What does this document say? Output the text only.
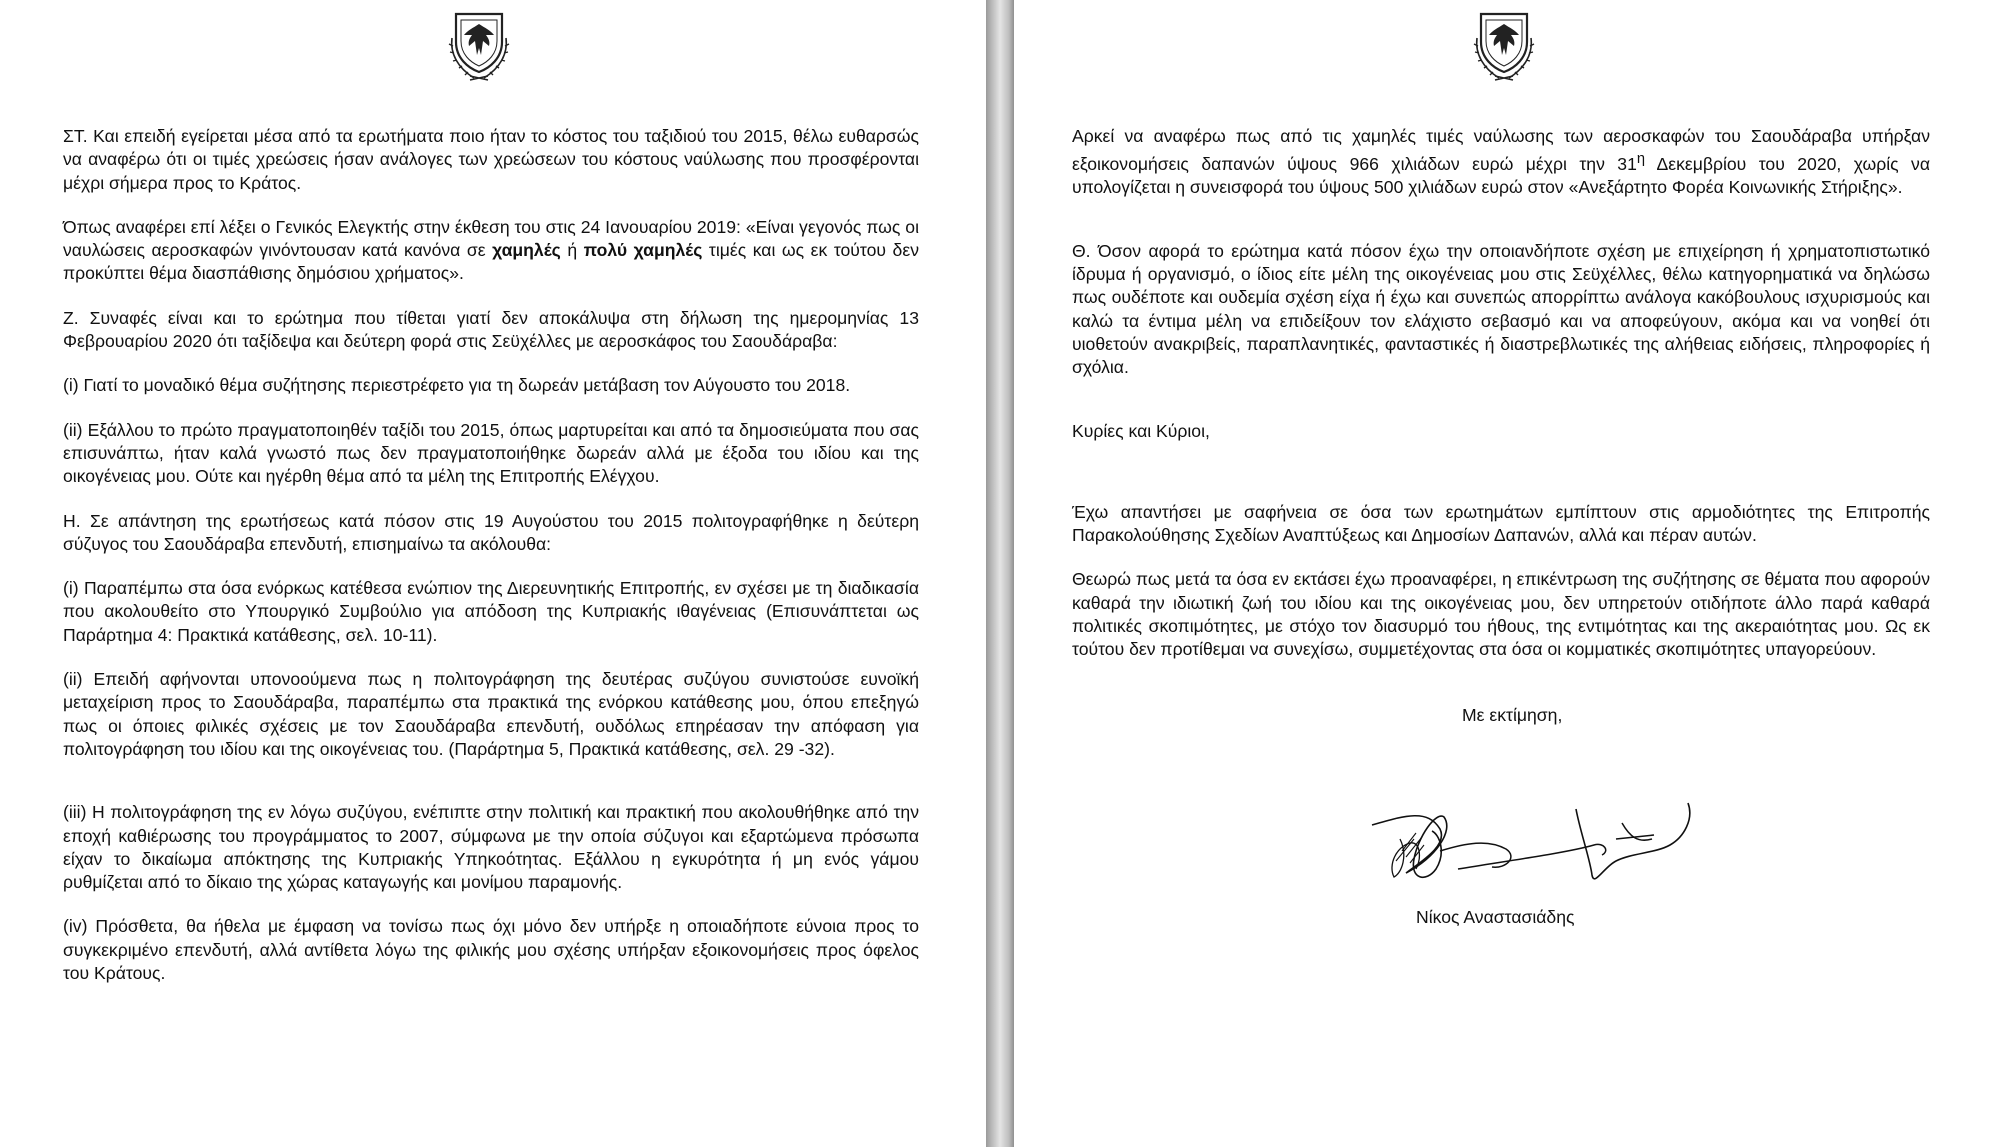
ΣΤ. Και επειδή εγείρεται μέσα από τα ερωτήματα ποιο ήταν το κόστος του ταξιδιού του 2015, θέλω ευθαρσώς να αναφέρω ότι οι τιμές χρεώσεις ήσαν ανάλογες των χρεώσεων του κόστους ναύλωσης που προσφέρονται μέχρι σήμερα προς το Κράτος.

Όπως αναφέρει επί λέξει ο Γενικός Ελεγκτής στην έκθεση του στις 24 Ιανουαρίου 2019: «Είναι γεγονός πως οι ναυλώσεις αεροσκαφών γινόντουσαν κατά κανόνα σε χαμηλές ή πολύ χαμηλές τιμές και ως εκ τούτου δεν προκύπτει θέμα διασπάθισης δημόσιου χρήματος».

Z. Συναφές είναι και το ερώτημα που τίθεται γιατί δεν αποκάλυψα στη δήλωση της ημερομηνίας 13 Φεβρουαρίου 2020 ότι ταξίδεψα και δεύτερη φορά στις Σεϋχέλλες με αεροσκάφος του Σαουδάραβα:

(i) Γιατί το μοναδικό θέμα συζήτησης περιεστρέφετο για τη δωρεάν μετάβαση τον Αύγουστο του 2018.

(ii) Εξάλλου το πρώτο πραγματοποιηθέν ταξίδι του 2015, όπως μαρτυρείται και από τα δημοσιεύματα που σας επισυνάπτω, ήταν καλά γνωστό πως δεν πραγματοποιήθηκε δωρεάν αλλά με έξοδα του ιδίου και της οικογένειας μου. Ούτε και ηγέρθη θέμα από τα μέλη της Επιτροπής Ελέγχου.

Η. Σε απάντηση της ερωτήσεως κατά πόσον στις 19 Αυγούστου του 2015 πολιτογραφήθηκε η δεύτερη σύζυγος του Σαουδάραβα επενδυτή, επισημαίνω τα ακόλουθα:

(i) Παραπέμπω στα όσα ενόρκως κατέθεσα ενώπιον της Διερευνητικής Επιτροπής, εν σχέσει με τη διαδικασία που ακολουθείτο στο Υπουργικό Συμβούλιο για απόδοση της Κυπριακής ιθαγένειας (Επισυνάπτεται ως Παράρτημα 4: Πρακτικά κατάθεσης, σελ. 10-11).

(ii) Επειδή αφήνονται υπονοούμενα πως η πολιτογράφηση της δευτέρας συζύγου συνιστούσε ευνοϊκή μεταχείριση προς το Σαουδάραβα, παραπέμπω στα πρακτικά της ενόρκου κατάθεσης μου, όπου επεξηγώ πως οι όποιες φιλικές σχέσεις με τον Σαουδάραβα επενδυτή, ουδόλως επηρέασαν την απόφαση για πολιτογράφηση του ιδίου και της οικογένειας του. (Παράρτημα 5, Πρακτικά κατάθεσης, σελ. 29 -32).

(iii) Η πολιτογράφηση της εν λόγω συζύγου, ενέπιπτε στην πολιτική και πρακτική που ακολουθήθηκε από την εποχή καθιέρωσης του προγράμματος το 2007, σύμφωνα με την οποία σύζυγοι και εξαρτώμενα πρόσωπα είχαν το δικαίωμα απόκτησης της Κυπριακής Υπηκοότητας. Εξάλλου η εγκυρότητα ή μη ενός γάμου ρυθμίζεται από το δίκαιο της χώρας καταγωγής και μονίμου παραμονής.

(iv) Πρόσθετα, θα ήθελα με έμφαση να τονίσω πως όχι μόνο δεν υπήρξε η οποιαδήποτε εύνοια προς το συγκεκριμένο επενδυτή, αλλά αντίθετα λόγω της φιλικής μου σχέσης υπήρξαν εξοικονομήσεις προς όφελος του Κράτους.

Αρκεί να αναφέρω πως από τις χαμηλές τιμές ναύλωσης των αεροσκαφών του Σαουδάραβα υπήρξαν εξοικονομήσεις δαπανών ύψους 966 χιλιάδων ευρώ μέχρι την $31^\eta$ Δεκεμβρίου του 2020, χωρίς να υπολογίζεται η συνεισφορά του ύψους 500 χιλιάδων ευρώ στον «Ανεξάρτητο Φορέα Κοινωνικής Στήριξης».

Θ. Όσον αφορά το ερώτημα κατά πόσον έχω την οποιανδήποτε σχέση με επιχείρηση ή χρηματοπιστωτικό ίδρυμα ή οργανισμό, ο ίδιος είτε μέλη της οικογένειας μου στις Σεϋχέλλες, θέλω κατηγορηματικά να δηλώσω πως ουδέποτε και ουδεμία σχέση είχα ή έχω και συνεπώς απορρίπτω ανάλογα κακόβουλους ισχυρισμούς και καλώ τα έντιμα μέλη να επιδείξουν τον ελάχιστο σεβασμό και να αποφεύγουν, ακόμα και να νοηθεί ότι υιοθετούν ανακριβείς, παραπλανητικές, φανταστικές ή διαστρεβλωτικές της αλήθειας ειδήσεις, πληροφορίες ή σχόλια.

Κυρίες και Κύριοι,

Έχω απαντήσει με σαφήνεια σε όσα των ερωτημάτων εμπίπτουν στις αρμοδιότητες της Επιτροπής Παρακολούθησης Σχεδίων Αναπτύξεως και Δημοσίων Δαπανών, αλλά και πέραν αυτών.

Θεωρώ πως μετά τα όσα εν εκτάσει έχω προαναφέρει, η επικέντρωση της συζήτησης σε θέματα που αφορούν καθαρά την ιδιωτική ζωή του ιδίου και της οικογένειας μου, δεν υπηρετούν οτιδήποτε άλλο παρά καθαρά πολιτικές σκοπιμότητες, με στόχο τον διασυρμό του ήθους, της εντιμότητας και της ακεραιότητας μου. Ως εκ τούτου δεν προτίθεμαι να συνεχίσω, συμμετέχοντας στα όσα οι κομματικές σκοπιμότητες υπαγορεύουν.

Με εκτίμηση,

Νίκος Αναστασιάδης
